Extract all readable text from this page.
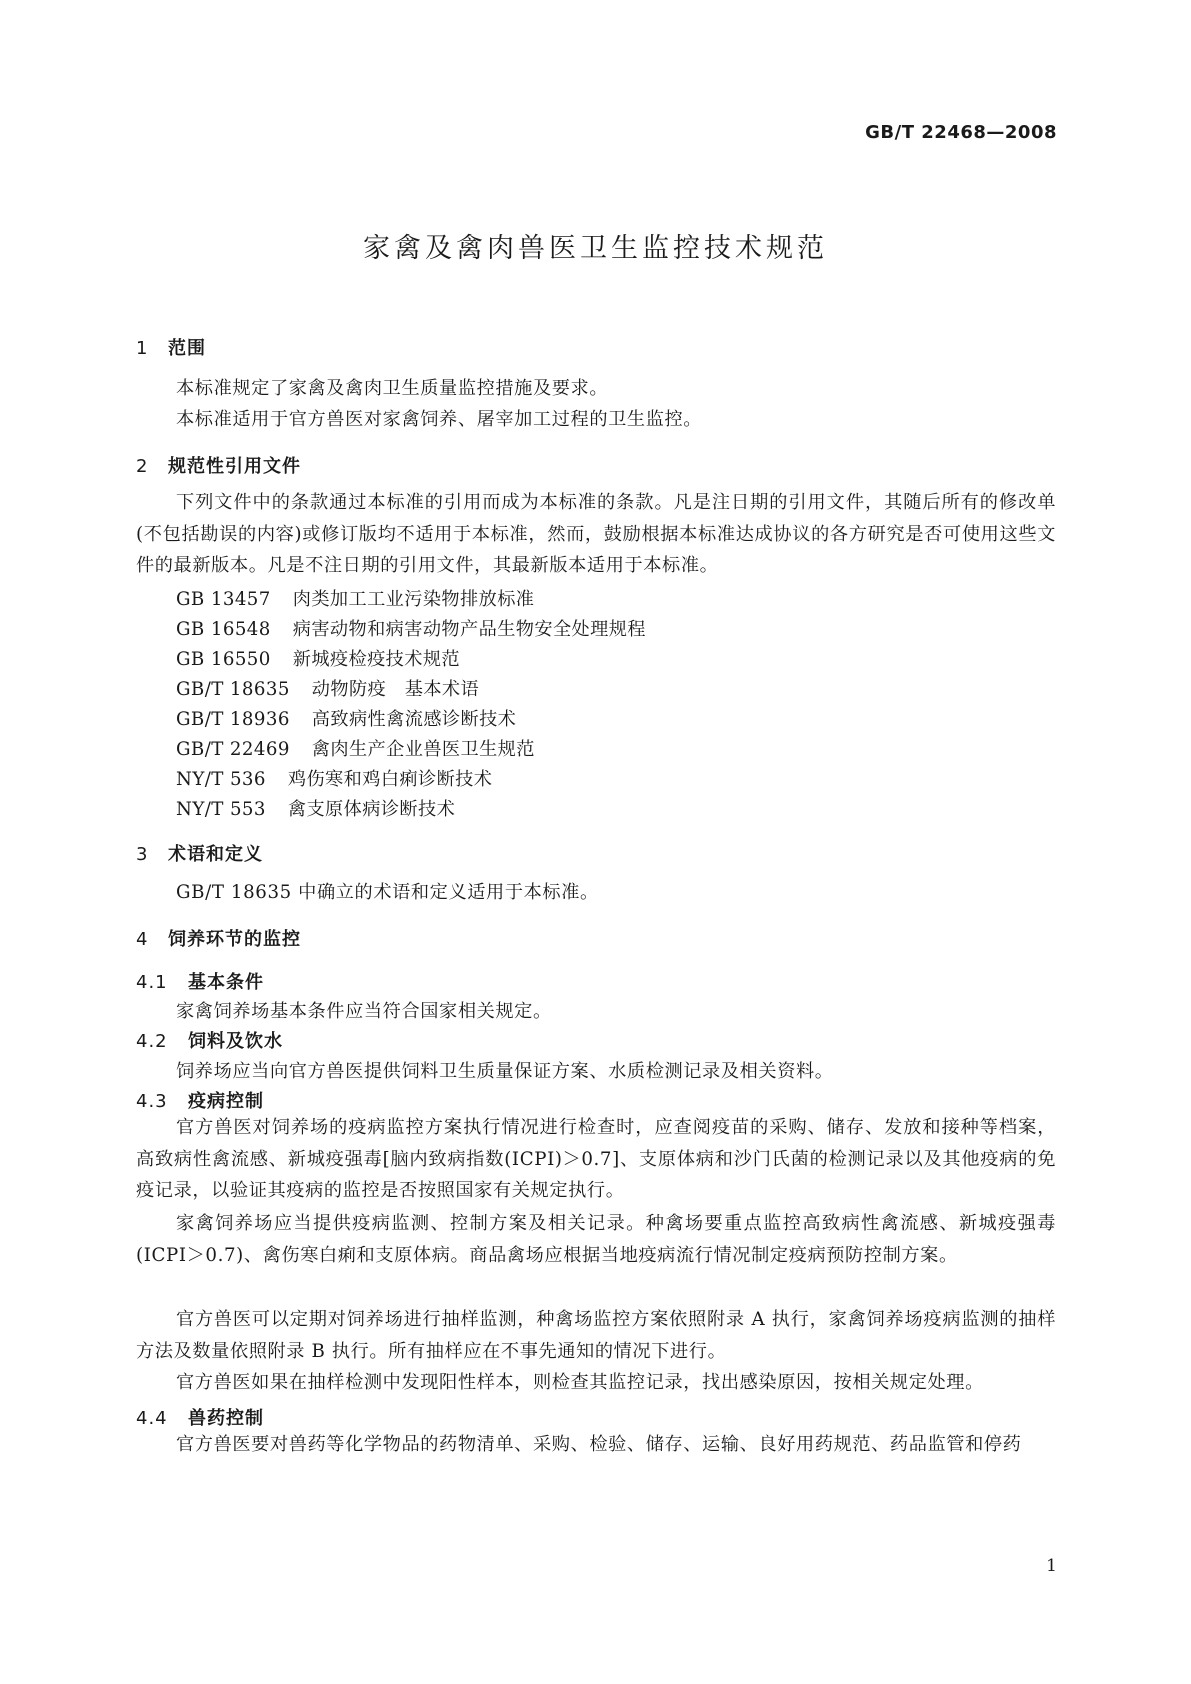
GB/T 22468—2008
家禽及禽肉兽医卫生监控技术规范
1 范围
本标准规定了家禽及禽肉卫生质量监控措施及要求。
本标准适用于官方兽医对家禽饲养、屠宰加工过程的卫生监控。
2 规范性引用文件
下列文件中的条款通过本标准的引用而成为本标准的条款。凡是注日期的引用文件，其随后所有的修改单(不包括勘误的内容)或修订版均不适用于本标准，然而，鼓励根据本标准达成协议的各方研究是否可使用这些文件的最新版本。凡是不注日期的引用文件，其最新版本适用于本标准。
GB 13457 肉类加工工业污染物排放标准
GB 16548 病害动物和病害动物产品生物安全处理规程
GB 16550 新城疫检疫技术规范
GB/T 18635 动物防疫　基本术语
GB/T 18936 高致病性禽流感诊断技术
GB/T 22469 禽肉生产企业兽医卫生规范
NY/T 536 鸡伤寒和鸡白痢诊断技术
NY/T 553 禽支原体病诊断技术
3 术语和定义
GB/T 18635 中确立的术语和定义适用于本标准。
4 饲养环节的监控
4.1 基本条件
家禽饲养场基本条件应当符合国家相关规定。
4.2 饲料及饮水
饲养场应当向官方兽医提供饲料卫生质量保证方案、水质检测记录及相关资料。
4.3 疫病控制
官方兽医对饲养场的疫病监控方案执行情况进行检查时，应查阅疫苗的采购、储存、发放和接种等档案，高致病性禽流感、新城疫强毒[脑内致病指数(ICPI)＞0.7]、支原体病和沙门氏菌的检测记录以及其他疫病的免疫记录，以验证其疫病的监控是否按照国家有关规定执行。
家禽饲养场应当提供疫病监测、控制方案及相关记录。种禽场要重点监控高致病性禽流感、新城疫强毒(ICPI＞0.7)、禽伤寒白痢和支原体病。商品禽场应根据当地疫病流行情况制定疫病预防控制方案。
官方兽医可以定期对饲养场进行抽样监测，种禽场监控方案依照附录 A 执行，家禽饲养场疫病监测的抽样方法及数量依照附录 B 执行。所有抽样应在不事先通知的情况下进行。
官方兽医如果在抽样检测中发现阳性样本，则检查其监控记录，找出感染原因，按相关规定处理。
4.4 兽药控制
官方兽医要对兽药等化学物品的药物清单、采购、检验、储存、运输、良好用药规范、药品监管和停药
1
